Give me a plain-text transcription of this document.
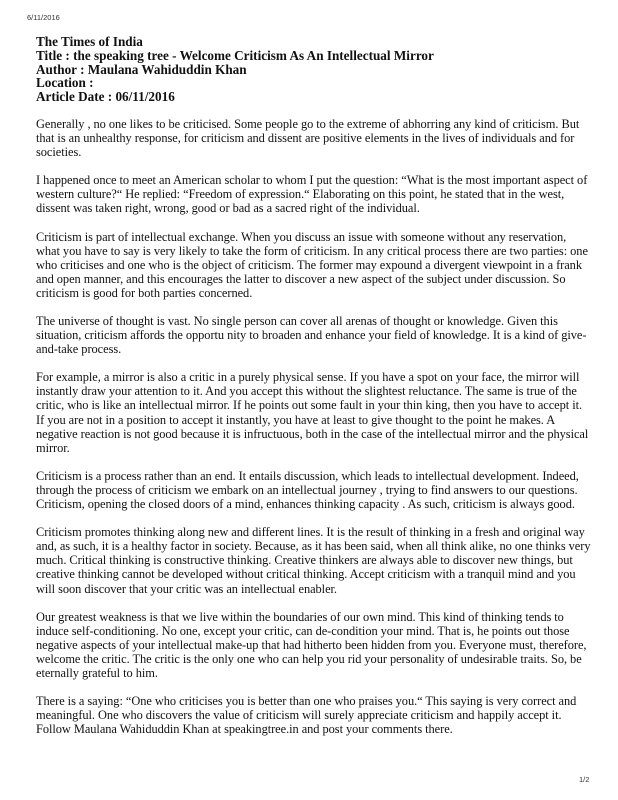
6/11/2016
The Times of India
Title : the speaking tree - Welcome Criticism As An Intellectual Mirror
Author : Maulana Wahiduddin Khan
Location :
Article Date : 06/11/2016

Generally , no one likes to be criticised. Some people go to the extreme of abhorring any kind of criticism. But that is an unhealthy response, for criticism and dissent are positive elements in the lives of individuals and for societies.

I happened once to meet an American scholar to whom I put the question: “What is the most important aspect of western culture?“ He replied: “Freedom of expression.“ Elaborating on this point, he stated that in the west, dissent was taken right, wrong, good or bad as a sacred right of the individual.

Criticism is part of intellectual exchange. When you discuss an issue with someone without any reservation, what you have to say is very likely to take the form of criticism. In any critical process there are two parties: one who criticises and one who is the object of criticism. The former may expound a divergent viewpoint in a frank and open manner, and this encourages the latter to discover a new aspect of the subject under discussion. So criticism is good for both parties concerned.

The universe of thought is vast. No single person can cover all arenas of thought or knowledge. Given this situation, criticism affords the opportu nity to broaden and enhance your field of knowledge. It is a kind of give-and-take process.

For example, a mirror is also a critic in a purely physical sense. If you have a spot on your face, the mirror will instantly draw your attention to it. And you accept this without the slightest reluctance. The same is true of the critic, who is like an intellectual mirror. If he points out some fault in your thin king, then you have to accept it. If you are not in a position to accept it instantly, you have at least to give thought to the point he makes. A negative reaction is not good because it is infructuous, both in the case of the intellectual mirror and the physical mirror.

Criticism is a process rather than an end. It entails discussion, which leads to intellectual development. Indeed, through the process of criticism we embark on an intellectual journey , trying to find answers to our questions. Criticism, opening the closed doors of a mind, enhances thinking capacity . As such, criticism is always good.

Criticism promotes thinking along new and different lines. It is the result of thinking in a fresh and original way and, as such, it is a healthy factor in society. Because, as it has been said, when all think alike, no one thinks very much. Critical thinking is constructive thinking. Creative thinkers are always able to discover new things, but creative thinking cannot be developed without critical thinking. Accept criticism with a tranquil mind and you will soon discover that your critic was an intellectual enabler.

Our greatest weakness is that we live within the boundaries of our own mind. This kind of thinking tends to induce self-conditioning. No one, except your critic, can de-condition your mind. That is, he points out those negative aspects of your intellectual make-up that had hitherto been hidden from you. Everyone must, therefore, welcome the critic. The critic is the only one who can help you rid your personality of undesirable traits. So, be eternally grateful to him.

There is a saying: “One who criticises you is better than one who praises you.“ This saying is very correct and meaningful. One who discovers the value of criticism will surely appreciate criticism and happily accept it. Follow Maulana Wahiduddin Khan at speakingtree.in and post your comments there.

1/2
